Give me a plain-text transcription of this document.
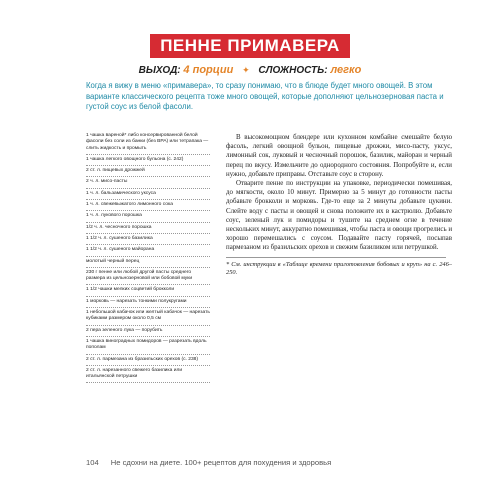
ПЕННЕ ПРИМАВЕРА
ВЫХОД: 4 порции ✦ СЛОЖНОСТЬ: легко
Когда я вижу в меню «примавера», то сразу понимаю, что в блюде будет много овощей. В этом варианте классического рецепта тоже много овощей, которые дополняют цельнозерновая паста и густой соус из белой фасоли.
1 чашка вареной* либо консервированной белой фасоли без соли из банки (без BPA) или тетрапака — слить жидкость и промыть
1 чашка легкого овощного бульона (с. 242)
2 ст. л. пищевых дрожжей
2 ч. л. мисо-пасты
1 ч. л. бальзамического уксуса
1 ч. л. свежевыжатого лимонного сока
1 ч. л. лукового порошка
1/2 ч. л. чесночного порошка
1 1/2 ч. л. сушеного базилика
1 1/2 ч. л. сушеного майорана
молотый черный перец
230 г пенне или любой другой пасты среднего размера из цельнозерновой или бобовой муки
1 1/2 чашки мелких соцветий брокколи
1 морковь — нарезать тонкими полукругами
1 небольшой кабачок или желтый кабачок — нарезать кубиками размером около 0,5 см
2 пера зеленого лука — порубить
1 чашка виноградных помидоров — разрезать вдоль пополам
2 ст. л. пармезана из бразильских орехов (с. 238)
2 ст. л. нарезанного свежего базилика или итальянской петрушки

В высокомощном блендере или кухонном комбайне смешайте белую фасоль, легкий овощной бульон, пищевые дрожжи, мисо-пасту, уксус, лимонный сок, луковый и чесночный порошок, базилик, майоран и черный перец по вкусу. Измельчите до однородного состояния. Попробуйте и, если нужно, добавьте приправы. Отставьте соус в сторону.

Отварите пенне по инструкции на упаковке, периодически помешивая, до мягкости, около 10 минут. Примерно за 5 минут до готовности пасты добавьте брокколи и морковь. Где-то еще за 2 минуты добавьте цукини. Слейте воду с пасты и овощей и снова положите их в кастрюлю. Добавьте соус, зеленый лук и помидоры и тушите на среднем огне в течение нескольких минут, аккуратно помешивая, чтобы паста и овощи прогрелись и хорошо перемешались с соусом. Подавайте пасту горячей, посыпав пармезаном из бразильских орехов и свежим базиликом или петрушкой.

* См. инструкции в «Таблице времени приготовления бобовых и круп» на с. 246–250.

104 Не сдохни на диете. 100+ рецептов для похудения и здоровья
